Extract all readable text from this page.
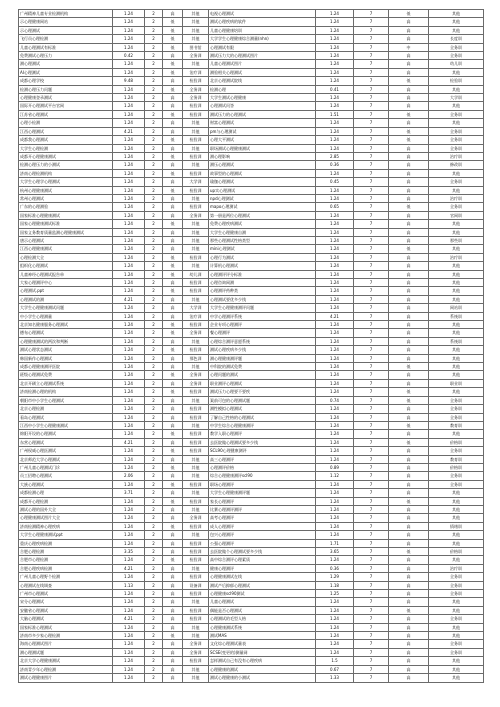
广州精神儿童专业检测机构	1.24	2	高	其他	电视心理测试	1.24	7	低	其他
示心理健康网站	1.24	2	低	其他	测试心理疾病的软件	1.24	7	高	其他
示心理测试	1.24	2	低	其他	儿童心理健康培训	1.24	7	高	其他
飞行员心理检测	1.24	2	低	其他	大学学生心理健康综合测量(nhn)	1.24	7	高	长度训
儿童心理测试有标准	1.24	2	低	图书馆	心理测试有限	1.24	7	中	全务训
免费测试心理压力	0.42	2	高	全务训	测试压力大的心理测试图片	1.24	7	高	全务训
测心理测试	1.24	2	低	其他	儿童心理测试图片	1.24	7	高	幼儿训
AI心理测试	1.24	2	低	治疗训	测验相关心理测试	1.24	7	高	其他
成都心理学校	9.48	2	高	检验训	北京心理测试院线	1.24	7	低	检验训
检测心理压力问题	1.24	2	低	全务训	检测心理	0.41	7	高	其他
心理健康登录测试	1.24	2	高	全务训	大学生测试心理健康	1.24	7	高	大学训
国际开心理测试平台官网	1.24	2	高	检验训	心理测试问答	1.24	7	高	其他
江苏省心理测试	1.24	2	低	检验训	测试压力的心理测试	1.51	7	低	全务训
心理小检测	1.24	2	高	其他	财富心理测试	1.24	7	高	其他
江西心理测试	4.21	2	高	其他	pm与心理测试	1.24	7	低	全务训
成都我心理测试	1.24	2	低	检验训	心理大平测试	1.24	7	低	全务训
大学生心理检测	1.24	2	高	其他	职场测试心理健康测试	1.24	7	高	全务训
成都开心理健康测试	1.24	2	低	检验训	测心理影响	2.85	7	高	治疗训
检测心理压力的小测试	1.24	2	高	其他	测压心理测试	0.36	7	高	修改训
济南心理检测机构	1.24	2	低	检验训	故事型的心理测试	1.24	7	高	其他
大学生心理学心理测试	1.24	2	高	大学训	瑜伽心理测试	0.45	7	高	全务训
杭州心理健康测试	1.24	2	低	检验训	up实心理测试	1.24	7	高	其他
常州心理测试	1.24	2	高	其他	npd心理测试	1.24	7	高	治疗训
广东的心理测验	1.24	2	高	检验训	mapo心理测试	0.65	7	低	全务训
国家标准心理健康测试	1.24	2	高	全务训	第一册是两位心理测试	1.24	7	高	官网训
国家心理健康测试标准	1.24	2	低	其他	免费心理疾病测试	1.24	7	高	其他
国家义务教育质量监测心理健康测试	1.24	2	高	其他	大学生心理健康自测	1.24	7	高	其他
唐示心理测试	1.24	2	高	其他	那些心理测试性格类型	1.24	7	高	那些训
江西心理健康测试	1.24	2	高	其他	mini心理测试	1.24	7	低	其他
心理检测大全	1.24	2	低	检验训	心理行为测试	1.24	7	高	治疗训
组织化心理测试	1.24	2	低	其他	计算机心理测试	1.24	7	高	其他
儿童神经心理测试报告单	1.24	2	低	幼儿训	心理测评评分标准	1.24	7	高	其他
大家心理测评中心	1.24	2	高	检验训	心理咨询网测	1.24	7	高	其他
心理测试.ppt	1.24	2	低	检验训	心理测评药种类	1.24	7	高	其他
心理测试的测	4.21	2	高	其他	心理测试要优多少钱	1.24	7	高	其他
大学生心理健康测试问题	1.24	2	高	大学训	大学生心理健康测评问题	1.24	7	高	网站训
中小学生心理测量	1.24	2	高	治疗训	中学心理测评系统	4.21	7	高	系统训
北京知名健康服务心理测试	1.24	2	低	检验训	企业专项心理测评	1.24	7	高	其他
德布心理测试	1.24	2	低	全务训	餐心理测评	1.24	7	高	其他
心理健康测试的两次和判断	1.24	2	高	其他	心理综合测评意愿系统	1.24	7	高	系统训
测试心理状态测试	1.24	2	低	检验训	测试心理疾病多少钱	1.24	7	高	其他
韩国新作心理测试	1.24	2	高	那色训	测心理健康测评题	1.24	7	高	其他
成都心理健康测评医院	1.24	2	高	其他	中科院的测试免费	1.24	7	低	其他
班级心理测试免费	1.24	2	低	全务训	心理问题的测试	1.24	7	高	其他
北京开刷立心理测试系统	1.24	2	高	全务训	职业测评心理测试	1.24	7	高	职业训
济南检测心理的机构	1.24	2	低	检验训	测试压力心理要不要疾	1.24	7	低	其他
朝阳市中小学生心理测试	1.24	2	高	其他	案前可包的心理测试题	0.74	7	低	全务训
北京心理检测	1.24	2	高	检验训	测性模拟心理测试	1.24	7	高	全务训
看岛心理测试	1.24	2	高	检验训	了解自己性格的心理测试	1.24	7	高	全务训
江西中小学生心理健康测试	1.24	2	高	其他	中学生综合心理健康测评	1.24	7	低	教育训
绵阳开设的心理测试	1.24	2	低	检验训	教学入职心理测评	1.24	7	高	其他
东营心理测试	4.21	2	高	检验训	去医院做心理测试要多少钱	1.24	7	低	价格训
广州权威心理医测试	1.24	2	低	检验训	SCL90心理健康测评	1.24	7	高	全务训
北京师范大学心理测试	1.24	2	高	其他	高三心理测评	1.24	7	高	教育训
广州儿童心理测试门诊	1.24	2	低	其他	心理测评价格	0.89	7	高	价格训
员工招聘心理测试	2.06	2	高	其他	综合心理健康测评scl90	1.12	7	高	全务训
大族心理测试	1.24	2	低	检验训	职场心理测评	1.24	7	高	全务训
成都检测心理	3.71	2	高	其他	大学生心理健康测评题	1.24	7	高	其他
成都开心理检测	1.24	2	低	检验训	家长心理测评	1.24	7	低	其他
测试心理的国外大全	1.24	2	高	其他	比赛心理测评测评	1.24	7	高	其他
心理健康测试图片大全	1.24	2	高	全务训	高考心理测评	1.24	7	高	其他
济南检测精神心理疾病	1.24	2	低	检验训	成人心理测评	1.24	7	高	情绪训
大学生心理健康测试ppt	1.24	2	高	其他	包兴心理测评	1.24	7	高	其他
重庆心理疾病检测	1.24	2	高	检验训	公强心理测评	1.71	7	高	其他
合肥心理检测	3.35	2	高	检验训	去医院做个心理测试要多少钱	3.65	7	低	价格训
合肥市心理检测	1.24	2	低	检验训	高中综合测评心理素质	1.24	7	高	其他
合肥心理疾病检测	4.21	2	高	其他	健康心理测评	0.36	7	高	治疗训
广州儿童心理野个检测	1.24	2	高	检验训	心理健康测试在线	1.29	7	高	全务训
心理测试在线调查	1.13	2	高	设备训	测试产后抑郁心理测试	1.18	7	高	全务训
广州市心理测试	1.24	2	高	检验训	心理健康scl90测试	1.25	7	高	全务训
宋分心理测试	1.24	2	高	其他	儿童心理测试	1.24	7	高	其他
安徽省心理测试	1.24	2	高	检验训	偶能是否心理测试	1.24	7	低	其他
大脑心理测试	4.21	2	高	检验训	心理测试的毛型人格	1.24	7	高	全务训
国家标准心理测试	1.24	2	高	其他	心理健康测试系统	1.24	7	高	其他
济南市多少家心理检测	1.24	2	低	其他	测试MAS	1.24	7	高	其他
海南心理测试图片	1.24	2	高	全务训	文化综心理测试量表	1.24	7	高	全务训
测心理测试题	1.24	2	高	全务训	SCSE(变更的)测量网	1.24	7	高	全务训
北京大学心理健康测试	1.24	2	高	检验训	怎样测试自己有没有心理疾病	1.5	7	高	其他
济南青少年心理检测	1.24	2	高	其他	心理健康的测试	0.67	7	高	其他
测试心理健康图片	1.24	2	高	其他	测试心理健康的小测试	1.33	7	高	其他
